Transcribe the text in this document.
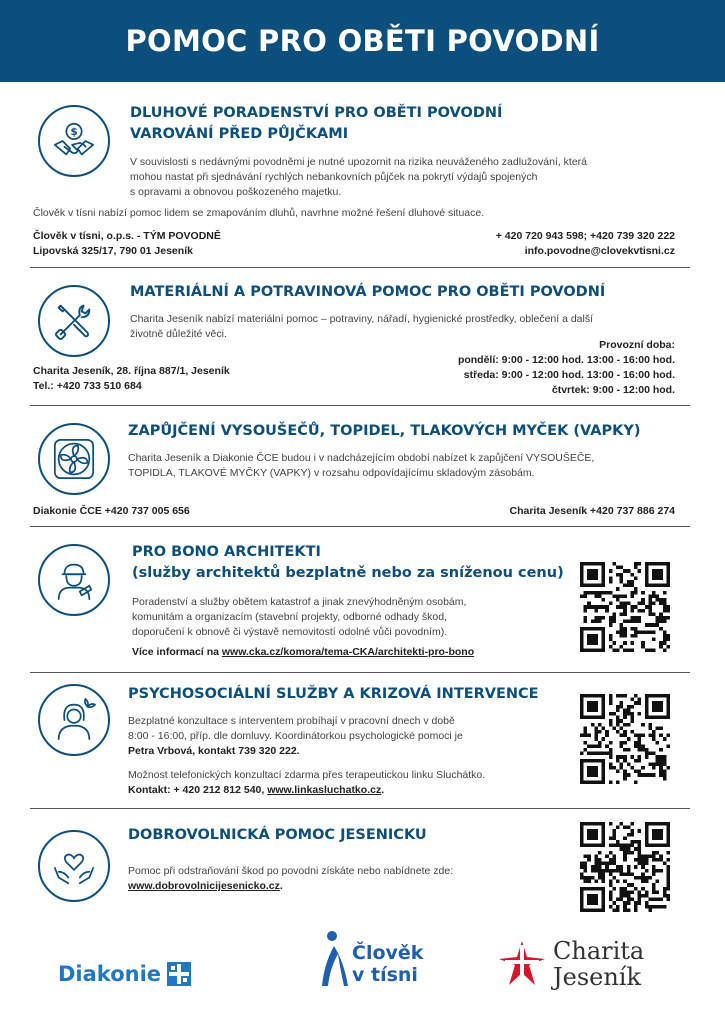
POMOC PRO OBĚTI POVODNÍ
$
DLUHOVÉ PORADENSTVÍ PRO OBĚTI POVODNÍ
VAROVÁNÍ PŘED PŮJČKAMI
V souvislosti s nedávnými povodněmi je nutné upozornit na rizika neuváženého zadlužování, která
mohou nastat při sjednávání rychlých nebankovních půjček na pokrytí výdajů spojených
s opravami a obnovou poškozeného majetku.
Člověk v tísni nabízí pomoc lidem se zmapováním dluhů, navrhne možné řešení dluhové situace.
Člověk v tísni, o.p.s. - TÝM POVODNĚ
Lipovská 325/17, 790 01 Jeseník
+ 420 720 943 598; +420 739 320 222
info.povodne@clovekvtisni.cz
MATERIÁLNÍ A POTRAVINOVÁ POMOC PRO OBĚTI POVODNÍ
Charita Jeseník nabízí materiální pomoc – potraviny, nářadí, hygienické prostředky, oblečení a další
životně důležité věci.
Provozní doba:
pondělí: 9:00 - 12:00 hod. 13:00 - 16:00 hod.
středa: 9:00 - 12:00 hod. 13:00 - 16:00 hod.
čtvrtek: 9:00 - 12:00 hod.
Charita Jeseník, 28. října 887/1, Jeseník
Tel.: +420 733 510 684
ZAPŮJČENÍ VYSOUŠEČŮ, TOPIDEL, TLAKOVÝCH MYČEK (VAPKY)
Charita Jeseník a Diakonie ČCE budou i v nadcházejícím období nabízet k zapůjčení VYSOUŠEČE,
TOPIDLA, TLAKOVÉ MYČKY (VAPKY) v rozsahu odpovídajícímu skladovým zásobám.
Diakonie ČCE +420 737 005 656	Charita Jeseník +420 737 886 274
PRO BONO ARCHITEKTI
(služby architektů bezplatně nebo za sníženou cenu)
Poradenství a služby obětem katastrof a jinak znevýhodněným osobám,
komunitám a organizacím (stavební projekty, odborné odhady škod,
doporučení k obnově či výstavě nemovitostí odolné vůči povodním).
Více informací na www.cka.cz/komora/tema-CKA/architekti-pro-bono
PSYCHOSOCIÁLNÍ SLUŽBY A KRIZOVÁ INTERVENCE
Bezplatné konzultace s interventem probíhají v pracovní dnech v době
8:00 - 16:00, příp. dle domluvy. Koordinátorkou psychologické pomoci je
Petra Vrbová, kontakt 739 320 222.
Možnost telefonických konzultací zdarma přes terapeutickou linku Sluchátko.
Kontakt: + 420 212 812 540, www.linkasluchatko.cz.
DOBROVOLNICKÁ POMOC JESENICKU
Pomoc při odstraňování škod po povodni získáte nebo nabídnete zde:
www.dobrovolnicijesenicko.cz.
Diakonie
Člověk
v tísni
Charita
Jeseník
